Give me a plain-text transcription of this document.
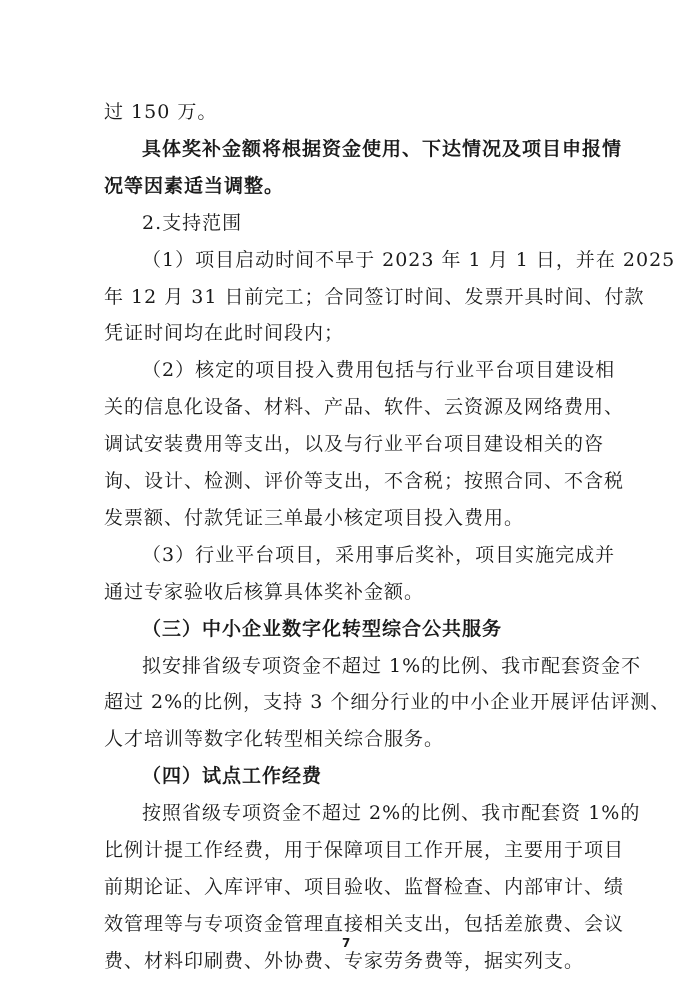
过 150 万。
具体奖补金额将根据资金使用、下达情况及项目申报情
况等因素适当调整。
2.支持范围
（1）项目启动时间不早于 2023 年 1 月 1 日，并在 2025
年 12 月 31 日前完工；合同签订时间、发票开具时间、付款
凭证时间均在此时间段内；
（2）核定的项目投入费用包括与行业平台项目建设相
关的信息化设备、材料、产品、软件、云资源及网络费用、
调试安装费用等支出，以及与行业平台项目建设相关的咨
询、设计、检测、评价等支出，不含税；按照合同、不含税
发票额、付款凭证三单最小核定项目投入费用。
（3）行业平台项目，采用事后奖补，项目实施完成并
通过专家验收后核算具体奖补金额。
（三）中小企业数字化转型综合公共服务
拟安排省级专项资金不超过 1%的比例、我市配套资金不
超过 2%的比例，支持 3 个细分行业的中小企业开展评估评测、
人才培训等数字化转型相关综合服务。
（四）试点工作经费
按照省级专项资金不超过 2%的比例、我市配套资 1%的
比例计提工作经费，用于保障项目工作开展，主要用于项目
前期论证、入库评审、项目验收、监督检查、内部审计、绩
效管理等与专项资金管理直接相关支出，包括差旅费、会议
费、材料印刷费、外协费、专家劳务费等，据实列支。
7
